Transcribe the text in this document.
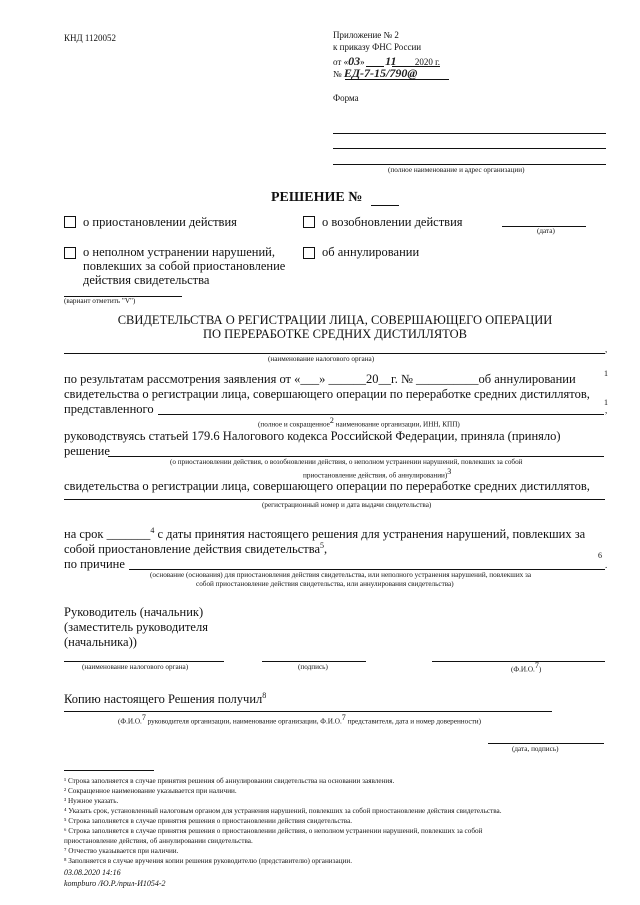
КНД 1120052	Приложение № 2
к приказу ФНС России
от «03» 11 2020 г.
№ ЕД-7-15/790@
Форма
(полное наименование и адрес организации)
РЕШЕНИЕ №
о приостановлении действия	о возобновлении действия
(дата)
о неполном устранении нарушений,
повлекших за собой приостановление
действия свидетельства
об аннулировании
(вариант отметить "V")
СВИДЕТЕЛЬСТВА О РЕГИСТРАЦИИ ЛИЦА, СОВЕРШАЮЩЕГО ОПЕРАЦИИ
ПО ПЕРЕРАБОТКЕ СРЕДНИХ ДИСТИЛЛЯТОВ
,
(наименование налогового органа)
по результатам рассмотрения заявления от «___» ______20__г. № __________об аннулировании	1
свидетельства о регистрации лица, совершающего операции по переработке средних дистиллятов,
1
представленного	,
(полное и сокращенное2 наименование организации, ИНН, КПП)
руководствуясь статьей 179.6 Налогового кодекса Российской Федерации, приняла (приняло)
решение
(о приостановлении действия, о возобновлении действия, о неполном устранении нарушений, повлекших за собой
приостановление действия, об аннулировании)3
свидетельства о регистрации лица, совершающего операции по переработке средних дистиллятов,
(регистрационный номер и дата выдачи свидетельства)
на срок _______$^4$ с даты принятия настоящего решения для устранения нарушений, повлекших за
собой приостановление действия свидетельства$^5$,
по причине
6
.
(основание (основания) для приостановления действия свидетельства, или неполного устранения нарушений, повлекших за
собой приостановление действия свидетельства, или аннулирования свидетельства)
Руководитель (начальник)
(заместитель руководителя
(начальника))
(наименование налогового органа)	(подпись)	(Ф.И.О.7)
Копию настоящего Решения получил$^8$
(Ф.И.О.7 руководителя организации, наименование организации, Ф.И.О.7 представителя, дата и номер доверенности)
(дата, подпись)
¹ Строка заполняется в случае принятия решения об аннулировании свидетельства на основании заявления.
² Сокращенное наименование указывается при наличии.
³ Нужное указать.
⁴ Указать срок, установленный налоговым органом для устранения нарушений, повлекших за собой приостановление действия свидетельства.
⁵ Строка заполняется в случае принятия решения о приостановлении действия свидетельства.
⁶ Строка заполняется в случае принятия решения о приостановлении действия, о неполном устранении нарушений, повлекших за собой
приостановление действия, об аннулировании свидетельства.
⁷ Отчество указывается при наличии.
⁸ Заполняется в случае вручения копии решения руководителю (представителю) организации.
03.08.2020 14:16
kompburo /Ю.Р./прил-И1054-2
